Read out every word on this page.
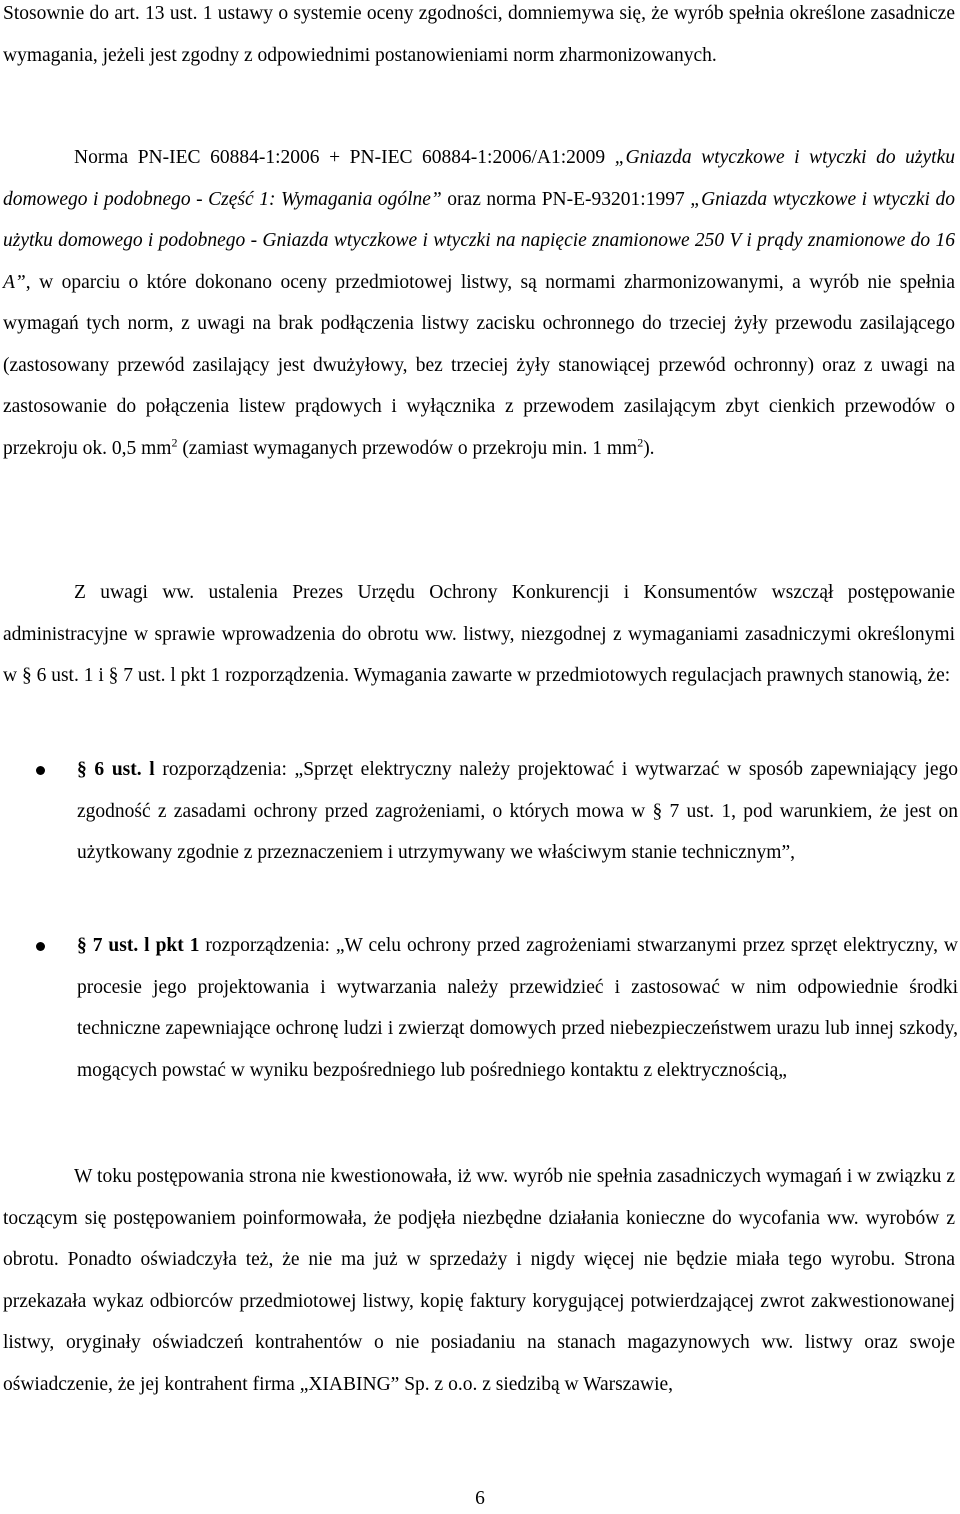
Stosownie do art. 13 ust. 1 ustawy o systemie oceny zgodności, domniemywa się, że wyrób spełnia określone zasadnicze wymagania, jeżeli jest zgodny z odpowiednimi postanowieniami norm zharmonizowanych.

Norma PN-IEC 60884-1:2006 + PN-IEC 60884-1:2006/A1:2009 „Gniazda wtyczkowe i wtyczki do użytku domowego i podobnego - Część 1: Wymagania ogólne” oraz norma PN-E-93201:1997 „Gniazda wtyczkowe i wtyczki do użytku domowego i podobnego - Gniazda wtyczkowe i wtyczki na napięcie znamionowe 250 V i prądy znamionowe do 16 A”, w oparciu o które dokonano oceny przedmiotowej listwy, są normami zharmonizowanymi, a wyrób nie spełnia wymagań tych norm, z uwagi na brak podłączenia listwy zacisku ochronnego do trzeciej żyły przewodu zasilającego (zastosowany przewód zasilający jest dwużyłowy, bez trzeciej żyły stanowiącej przewód ochronny) oraz z uwagi na zastosowanie do połączenia listew prądowych i wyłącznika z przewodem zasilającym zbyt cienkich przewodów o przekroju ok. 0,5 $mm^2$ (zamiast wymaganych przewodów o przekroju min. 1 $mm^2$).

Z uwagi ww. ustalenia Prezes Urzędu Ochrony Konkurencji i Konsumentów wszczął postępowanie administracyjne w sprawie wprowadzenia do obrotu ww. listwy, niezgodnej z wymaganiami zasadniczymi określonymi w § 6 ust. 1 i § 7 ust. l pkt 1 rozporządzenia. Wymagania zawarte w przedmiotowych regulacjach prawnych stanowią, że:

§ 6 ust. l rozporządzenia: „Sprzęt elektryczny należy projektować i wytwarzać w sposób zapewniający jego zgodność z zasadami ochrony przed zagrożeniami, o których mowa w § 7 ust. 1, pod warunkiem, że jest on użytkowany zgodnie z przeznaczeniem i utrzymywany we właściwym stanie technicznym”,

§ 7 ust. l pkt 1 rozporządzenia: „W celu ochrony przed zagrożeniami stwarzanymi przez sprzęt elektryczny, w procesie jego projektowania i wytwarzania należy przewidzieć i zastosować w nim odpowiednie środki techniczne zapewniające ochronę ludzi i zwierząt domowych przed niebezpieczeństwem urazu lub innej szkody, mogących powstać w wyniku bezpośredniego lub pośredniego kontaktu z elektrycznością„

W toku postępowania strona nie kwestionowała, iż ww. wyrób nie spełnia zasadniczych wymagań i w związku z toczącym się postępowaniem poinformowała, że podjęła niezbędne działania konieczne do wycofania ww. wyrobów z obrotu. Ponadto oświadczyła też, że nie ma już w sprzedaży i nigdy więcej nie będzie miała tego wyrobu. Strona przekazała wykaz odbiorców przedmiotowej listwy, kopię faktury korygującej potwierdzającej zwrot zakwestionowanej listwy, oryginały oświadczeń kontrahentów o nie posiadaniu na stanach magazynowych ww. listwy oraz swoje oświadczenie, że jej kontrahent firma „XIABING” Sp. z o.o. z siedzibą w Warszawie,

6
